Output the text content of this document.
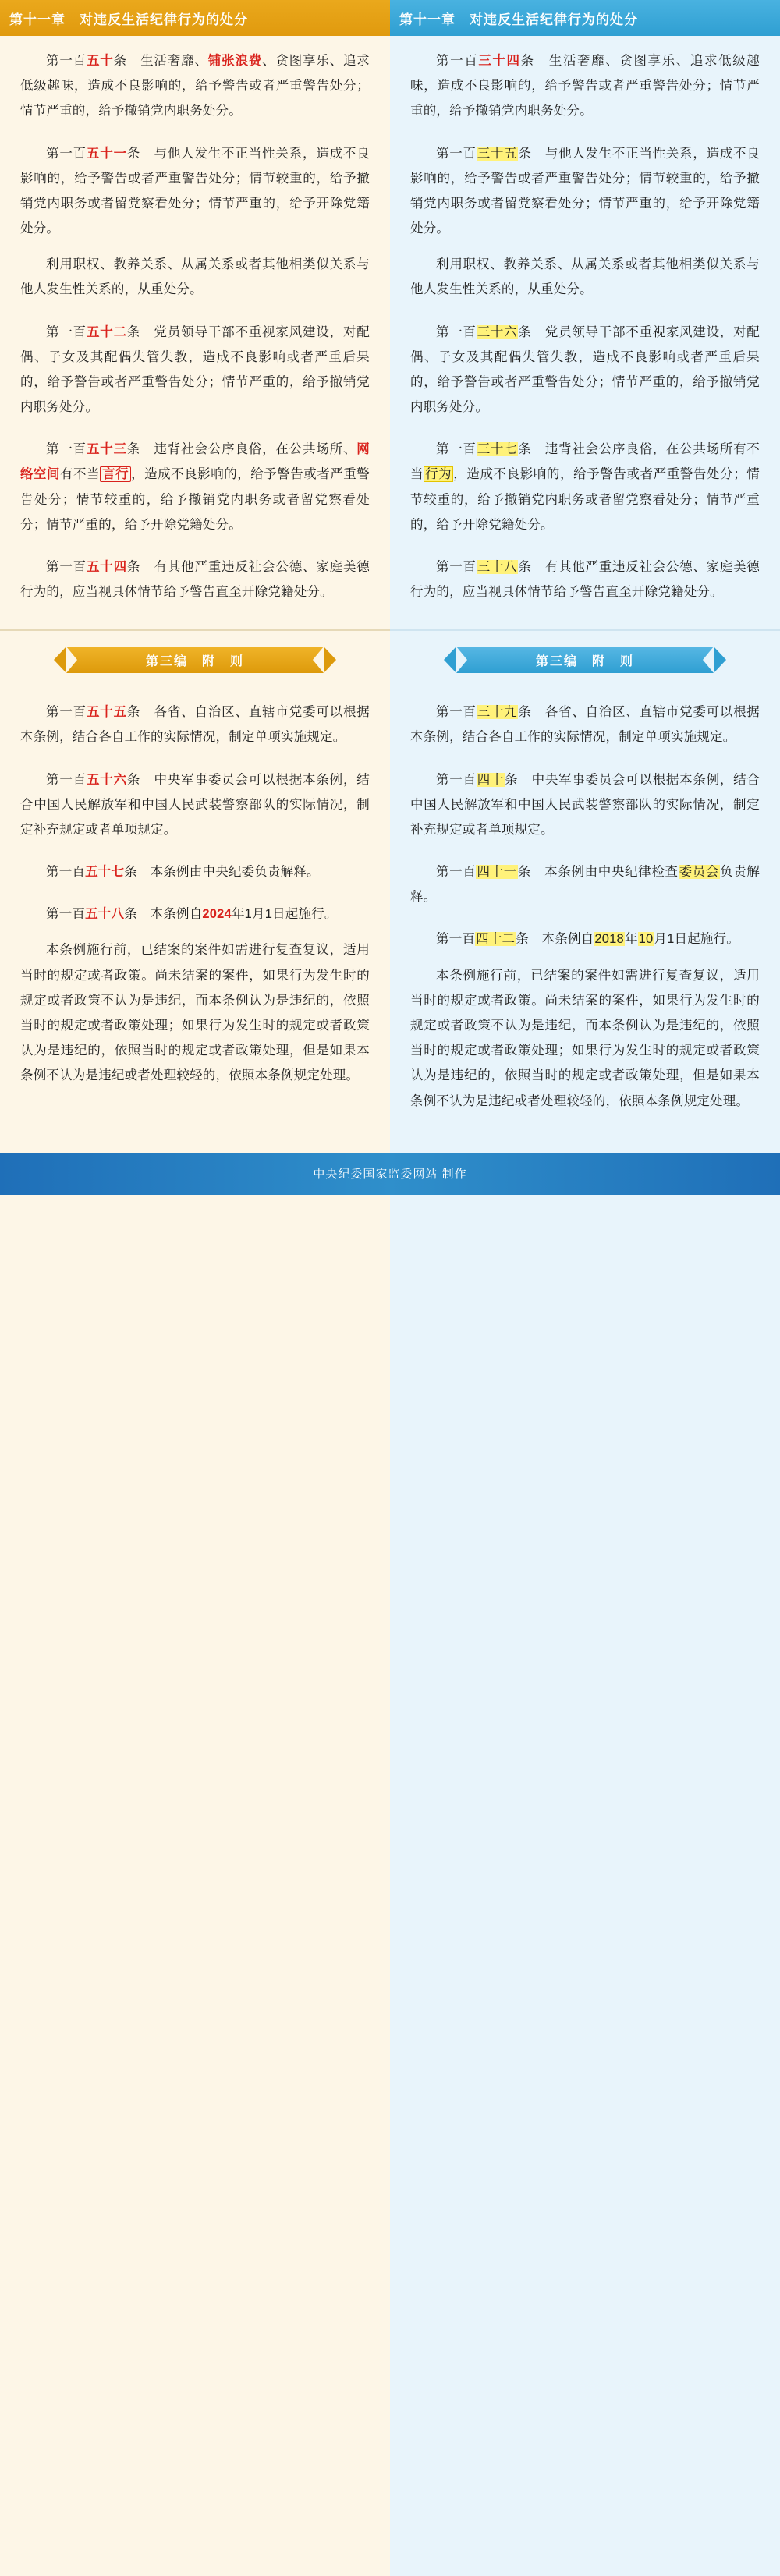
第十一章　对违反生活纪律行为的处分	第十一章　对违反生活纪律行为的处分

第一百五十条　生活奢靡、铺张浪费、贪图享乐、追求低级趣味，造成不良影响的，给予警告或者严重警告处分；情节严重的，给予撤销党内职务处分。

第一百五十一条　与他人发生不正当性关系，造成不良影响的，给予警告或者严重警告处分；情节较重的，给予撤销党内职务或者留党察看处分；情节严重的，给予开除党籍处分。

利用职权、教养关系、从属关系或者其他相类似关系与他人发生性关系的，从重处分。

第一百五十二条　党员领导干部不重视家风建设，对配偶、子女及其配偶失管失教，造成不良影响或者严重后果的，给予警告或者严重警告处分；情节严重的，给予撤销党内职务处分。

第一百五十三条　违背社会公序良俗，在公共场所、网络空间有不当 言行 ，造成不良影响的，给予警告或者严重警告处分；情节较重的，给予撤销党内职务或者留党察看处分；情节严重的，给予开除党籍处分。

第一百五十四条　有其他严重违反社会公德、家庭美德行为的，应当视具体情节给予警告直至开除党籍处分。

第一百三十四条　生活奢靡、贪图享乐、追求低级趣味，造成不良影响的，给予警告或者严重警告处分；情节严重的，给予撤销党内职务处分。

第一百三十五条　与他人发生不正当性关系，造成不良影响的，给予警告或者严重警告处分；情节较重的，给予撤销党内职务或者留党察看处分；情节严重的，给予开除党籍处分。

利用职权、教养关系、从属关系或者其他相类似关系与他人发生性关系的，从重处分。

第一百三十六条　党员领导干部不重视家风建设，对配偶、子女及其配偶失管失教，造成不良影响或者严重后果的，给予警告或者严重警告处分；情节严重的，给予撤销党内职务处分。

第一百三十七条　违背社会公序良俗，在公共场所有不当 行为 ，造成不良影响的，给予警告或者严重警告处分；情节较重的，给予撤销党内职务或者留党察看处分；情节严重的，给予开除党籍处分。

第一百三十八条　有其他严重违反社会公德、家庭美德行为的，应当视具体情节给予警告直至开除党籍处分。

第三编　附　则	第三编　附　则

第一百五十五条　各省、自治区、直辖市党委可以根据本条例，结合各自工作的实际情况，制定单项实施规定。

第一百五十六条　中央军事委员会可以根据本条例，结合中国人民解放军和中国人民武装警察部队的实际情况，制定补充规定或者单项规定。

第一百五十七条　本条例由中央纪委负责解释。

第一百五十八条　本条例自2024年1月1日起施行。

本条例施行前，已结案的案件如需进行复查复议，适用当时的规定或者政策。尚未结案的案件，如果行为发生时的规定或者政策不认为是违纪，而本条例认为是违纪的，依照当时的规定或者政策处理；如果行为发生时的规定或者政策认为是违纪的，依照当时的规定或者政策处理，但是如果本条例不认为是违纪或者处理较轻的，依照本条例规定处理。

第一百三十九条　各省、自治区、直辖市党委可以根据本条例，结合各自工作的实际情况，制定单项实施规定。

第一百四十条　中央军事委员会可以根据本条例，结合中国人民解放军和中国人民武装警察部队的实际情况，制定补充规定或者单项规定。

第一百四十一条　本条例由中央纪律检查委员会负责解释。

第一百四十二条　本条例自2018年10月1日起施行。

本条例施行前，已结案的案件如需进行复查复议，适用当时的规定或者政策。尚未结案的案件，如果行为发生时的规定或者政策不认为是违纪，而本条例认为是违纪的，依照当时的规定或者政策处理；如果行为发生时的规定或者政策认为是违纪的，依照当时的规定或者政策处理，但是如果本条例不认为是违纪或者处理较轻的，依照本条例规定处理。

中央纪委国家监委网站 制作
